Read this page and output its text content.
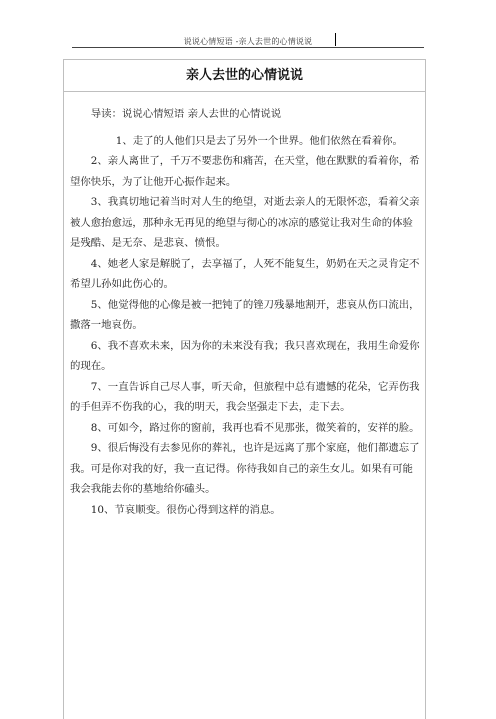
说说心情短语 -亲人去世的心情说说
亲人去世的心情说说

导读：说说心情短语 亲人去世的心情说说

1、走了的人他们只是去了另外一个世界。他们依然在看着你。

2、亲人离世了，千万不要悲伤和痛苦，在天堂，他在默默的看着你，希望你快乐，为了让他开心振作起来。

3、我真切地记着当时对人生的绝望，对逝去亲人的无限怀恋，看着父亲被人愈抬愈远，那种永无再见的绝望与彻心的冰凉的感觉让我对生命的体验是残酷、是无奈、是悲哀、愤恨。

4、她老人家是解脱了，去享福了，人死不能复生，奶奶在天之灵肯定不希望儿孙如此伤心的。

5、他觉得他的心像是被一把钝了的锉刀残暴地割开，悲哀从伤口流出，撒落一地哀伤。

6、我不喜欢未来，因为你的未来没有我；我只喜欢现在，我用生命爱你的现在。

7、一直告诉自己尽人事，听天命，但旅程中总有遗憾的花朵，它弄伤我的手但弄不伤我的心，我的明天，我会坚强走下去，走下去。

8、可如今，路过你的窗前，我再也看不见那张，微笑着的，安祥的脸。

9、很后悔没有去参见你的葬礼，也许是远离了那个家庭，他们都遗忘了我。可是你对我的好，我一直记得。你待我如自己的亲生女儿。如果有可能我会我能去你的墓地给你磕头。

10、节哀顺变。很伤心得到这样的消息。
